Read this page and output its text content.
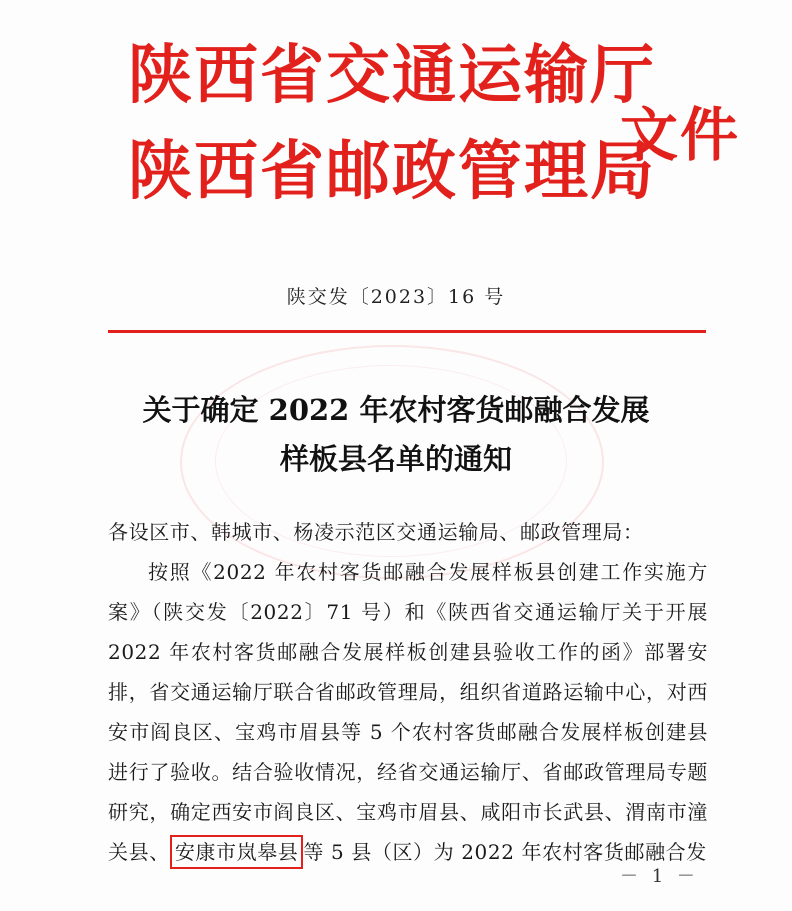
陕西省交通运输厅
陕西省邮政管理局
文件
陕交发〔2023〕16 号
关于确定 2022 年农村客货邮融合发展
样板县名单的通知

各设区市、韩城市、杨凌示范区交通运输局、邮政管理局：

按照《2022 年农村客货邮融合发展样板县创建工作实施方案》（陕交发〔2022〕71 号）和《陕西省交通运输厅关于开展 2022 年农村客货邮融合发展样板创建县验收工作的函》部署安排，省交通运输厅联合省邮政管理局，组织省道路运输中心，对西安市阎良区、宝鸡市眉县等 5 个农村客货邮融合发展样板创建县进行了验收。结合验收情况，经省交通运输厅、省邮政管理局专题研究，确定西安市阎良区、宝鸡市眉县、咸阳市长武县、渭南市潼关县、 安康市岚皋县 等 5 县（区）为 2022 年农村客货邮融合发

－ 1 －
